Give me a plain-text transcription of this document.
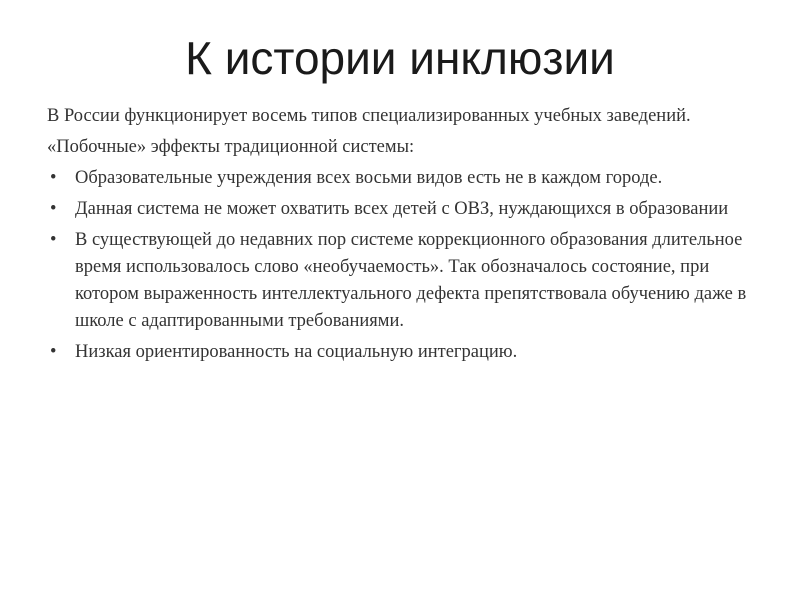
К истории инклюзии

В России функционирует восемь типов специализированных учебных заведений.

«Побочные» эффекты традиционной системы:

• Образовательные учреждения всех восьми видов есть не в каждом городе.
• Данная система не может охватить всех детей с ОВЗ, нуждающихся в образовании
• В существующей до недавних пор системе коррекционного образования длительное время использовалось слово «необучаемость». Так обозначалось состояние, при котором выраженность интеллектуального дефекта препятствовала обучению даже в школе с адаптированными требованиями.
• Низкая ориентированность на социальную интеграцию.
